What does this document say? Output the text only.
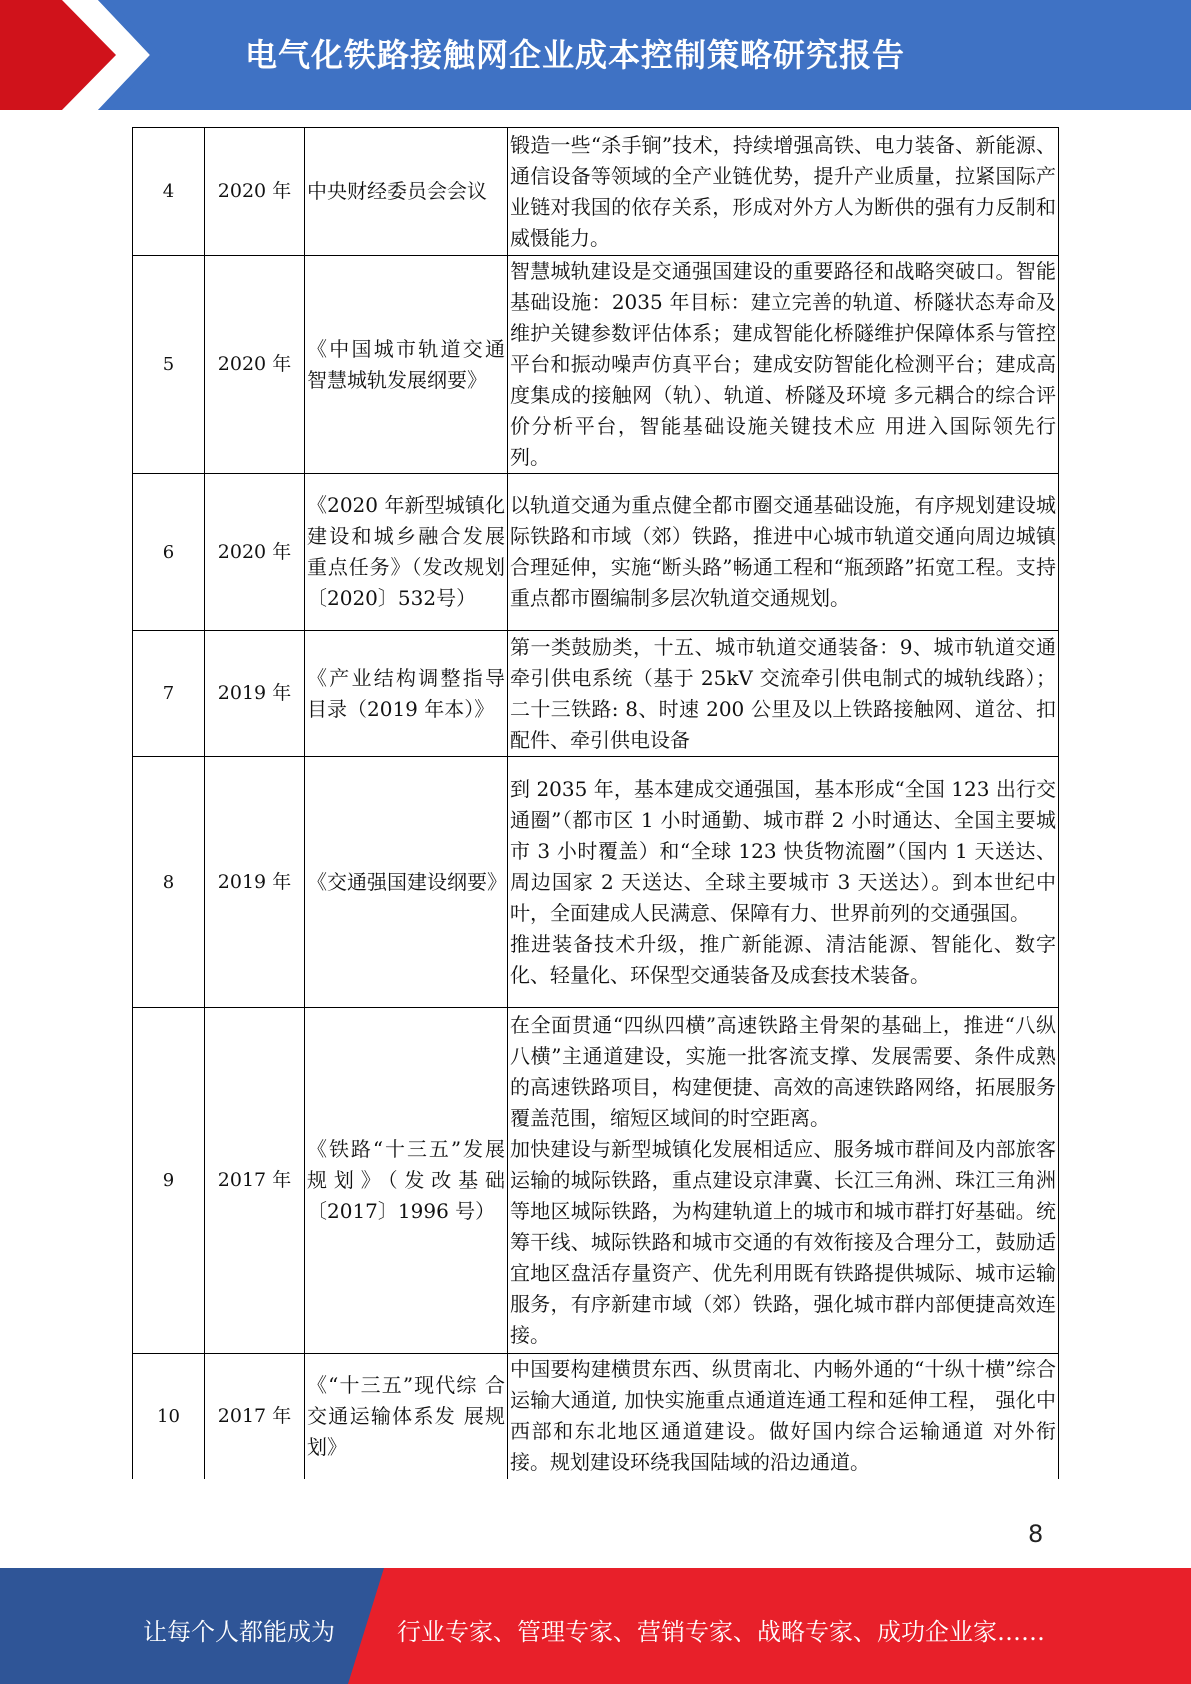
电气化铁路接触网企业成本控制策略研究报告
4	2020 年	中央财经委员会会议	锻造一些“杀手锏”技术，持续增强高铁、电力装备、新能源、通信设备等领域的全产业链优势，提升产业质量，拉紧国际产业链对我国的依存关系，形成对外方人为断供的强有力反制和威慑能力。
5	2020 年	《中国城市轨道交通智慧城轨发展纲要》	智慧城轨建设是交通强国建设的重要路径和战略突破口。智能基础设施：2035 年目标：建立完善的轨道、桥隧状态寿命及维护关键参数评估体系；建成智能化桥隧维护保障体系与管控平台和振动噪声仿真平台；建成安防智能化检测平台；建成高度集成的接触网（轨）、轨道、桥隧及环境 多元耦合的综合评价分析平台，智能基础设施关键技术应 用进入国际领先行列。
6	2020 年	《2020 年新型城镇化建设和城乡融合发展重点任务》（发改规划〔2020〕532号）	以轨道交通为重点健全都市圈交通基础设施，有序规划建设城际铁路和市域（郊）铁路，推进中心城市轨道交通向周边城镇合理延伸，实施“断头路”畅通工程和“瓶颈路”拓宽工程。支持重点都市圈编制多层次轨道交通规划。
7	2019 年	《产业结构调整指导目录（2019 年本）》	第一类鼓励类，十五、城市轨道交通装备：9、城市轨道交通牵引供电系统（基于 25kV 交流牵引供电制式的城轨线路）；二十三铁路: 8、时速 200 公里及以上铁路接触网、道岔、扣配件、牵引供电设备
8	2019 年	《交通强国建设纲要》	到 2035 年，基本建成交通强国，基本形成“全国 123 出行交通圈”（都市区 1 小时通勤、城市群 2 小时通达、全国主要城市 3 小时覆盖）和“全球 123 快货物流圈”（国内 1 天送达、周边国家 2 天送达、全球主要城市 3 天送达）。到本世纪中叶，全面建成人民满意、保障有力、世界前列的交通强国。
推进装备技术升级，推广新能源、清洁能源、智能化、数字化、轻量化、环保型交通装备及成套技术装备。

9	2017 年	《铁路“十三五”发展规划》（发改基础〔2017〕1996 号）	在全面贯通“四纵四横”高速铁路主骨架的基础上，推进“八纵八横”主通道建设，实施一批客流支撑、发展需要、条件成熟的高速铁路项目，构建便捷、高效的高速铁路网络，拓展服务覆盖范围，缩短区域间的时空距离。
加快建设与新型城镇化发展相适应、服务城市群间及内部旅客运输的城际铁路，重点建设京津冀、长江三角洲、珠江三角洲等地区城际铁路，为构建轨道上的城市和城市群打好基础。统筹干线、城际铁路和城市交通的有效衔接及合理分工，鼓励适宜地区盘活存量资产、优先利用既有铁路提供城际、城市运输服务，有序新建市域（郊）铁路，强化城市群内部便捷高效连接。

10	2017 年	《“十三五”现代综 合交通运输体系发 展规划》	中国要构建横贯东西、纵贯南北、内畅外通的“十纵十横”综合运输大通道, 加快实施重点通道连通工程和延伸工程， 强化中西部和东北地区通道建设。做好国内综合运输通道 对外衔接。规划建设环绕我国陆域的沿边通道。
8
让每个人都能成为	行业专家、管理专家、营销专家、战略专家、成功企业家……
